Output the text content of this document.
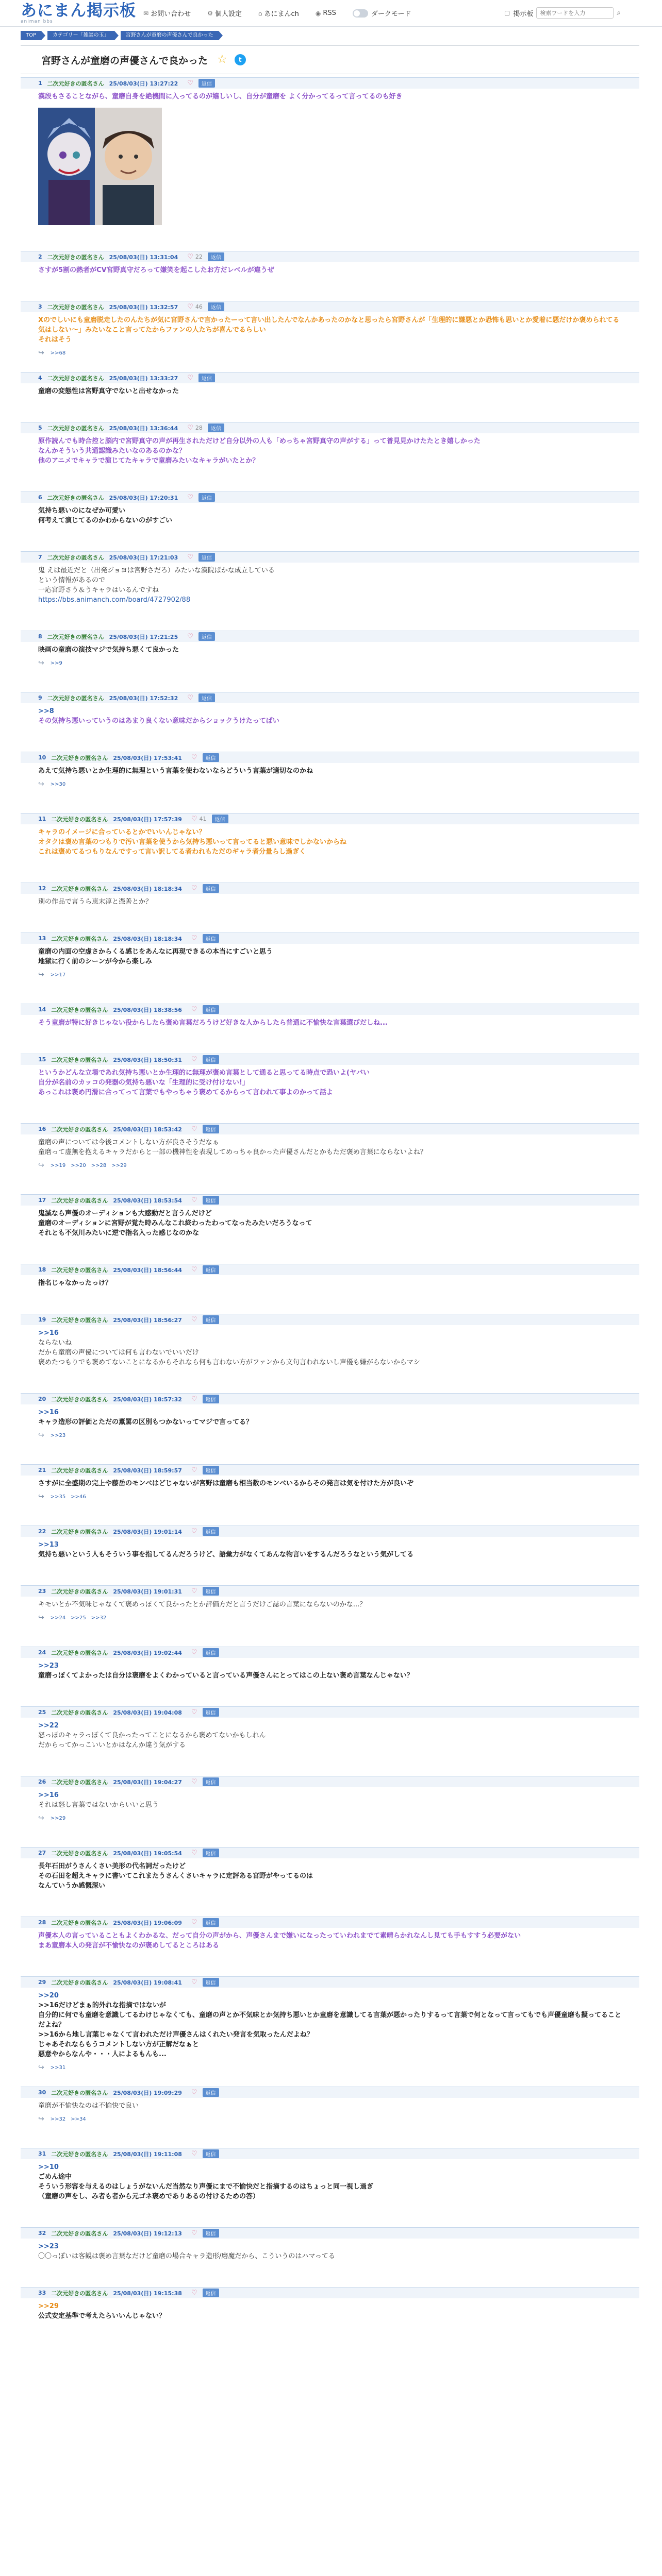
あにまん掲示板
animan bbs
✉ お問い合わせ	⚙ 個人設定	⌂ あにまんch	◉ RSS	ダークモード	▢ 掲示板
検索ワードを入力	⌕
TOP	カテゴリー「雑談の玉」	宮野さんが童磨の声優さんで良かった
宮野さんが童磨の声優さんで良かった ☆	t
1 二次元好きの匿名さん 25/08/03(日) 13:27:22 ♡	返信
漢段もさることながら、童磨自身を絶機間に入ってるのが嬉しいし、自分が童磨を よく分かってるって言ってるのも好き
2 二次元好きの匿名さん 25/08/03(日) 13:31:04 ♡ 22	返信
さすが5割の熱者がCV宮野真守だろって嫌笑を起こしたお方だレベルが違うぜ
3 二次元好きの匿名さん 25/08/03(日) 13:32:57 ♡ 46	返信
Xのでしいにも童磨脱走したのんたちが気に宮野さんで言かったーって言い出したんでなんかあったのかなと思ったら宮野さんが「生理的に嫌悪とか恐怖も思いとか愛着に悪だけか褒められてる気はしない〜」みたいなこと言ってたからファンの人たちが喜んでるらしい
それはそう
↩ >>68
4 二次元好きの匿名さん 25/08/03(日) 13:33:27 ♡	返信
童磨の変態性は宮野真守でないと出せなかった
5 二次元好きの匿名さん 25/08/03(日) 13:36:44 ♡ 28	返信
原作読んでも時合控と脳内で宮野真守の声が再生されただけど自分以外の人も「めっちゃ宮野真守の声がする」って普見見かけたたとき嬉しかった
なんかそういう共通認識みたいなのあるのかな？
他のアニメでキャラで演じてたキャラで童磨みたいなキャラがいたとか？
6 二次元好きの匿名さん 25/08/03(日) 17:20:31 ♡	返信
気持ち悪いのになぜか可愛い
何考えて演じてるのかわからないのがすごい
7 二次元好きの匿名さん 25/08/03(日) 17:21:03 ♡	返信
鬼 えは最近だと（出発ジョヨは宮野さだろ）みたいな漢院ばかな成立している
という情報があるので
一応宮野さう＆うキャラはいるんですね
https://bbs.animanch.com/board/4727902/88
8 二次元好きの匿名さん 25/08/03(日) 17:21:25 ♡	返信
映画の童磨の演技マジで気持ち悪くて良かった
↩ >>9
9 二次元好きの匿名さん 25/08/03(日) 17:52:32 ♡	返信
>>8
その気持ち悪いっていうのはあまり良くない意味だからショックうけたってばい
10 二次元好きの匿名さん 25/08/03(日) 17:53:41 ♡	返信
あえて気持ち悪いとか生理的に無理という言葉を使わないならどういう言葉が適切なのかね
↩ >>30
11 二次元好きの匿名さん 25/08/03(日) 17:57:39 ♡ 41	返信
キャラのイメージに合っているとかでいいんじゃない？
オタクは褒め言葉のつもりで汚い言葉を使うから気持ち悪いって言ってると悪い意味でしかないからね
これは褒めてるつもりなんですって言い訳してる者われもただのギャラ者分量らし過ぎく
12 二次元好きの匿名さん 25/08/03(日) 18:18:34 ♡	返信
別の作品で言うら恵末淳と憑善とか？
13 二次元好きの匿名さん 25/08/03(日) 18:18:34 ♡	返信
童磨の内面の空虚さからくる感じをあんなに再現できるの本当にすごいと思う
地獄に行く前のシーンが今から楽しみ
↩ >>17
14 二次元好きの匿名さん 25/08/03(日) 18:38:56 ♡	返信
そう童磨が特に好きじゃない役からしたら褒め言葉だろうけど好きな人からしたら普通に不愉快な言葉選びだしね...
15 二次元好きの匿名さん 25/08/03(日) 18:50:31 ♡	返信
というかどんな立場であれ気持ち悪いとか生理的に無理が褒め言葉として通ると思ってる時点で恐いよ(ヤバい
自分が名前のカッコの発器の気持ち悪いな「生理的に受け付けない!」
あっこれは褒め円滑に合ってって言葉でもやっちゃう褒めてるからって言われて事よのかって話よ
16 二次元好きの匿名さん 25/08/03(日) 18:53:42 ♡	返信
童磨の声については今後コメントしない方が良さそうだなぁ
童磨って虚無を抱えるキャラだからと一部の機神性を表現してめっちゃ良かった声優さんだとかもただ褒め言葉にならないよね？
↩ >>19 >>20 >>28 >>29
17 二次元好きの匿名さん 25/08/03(日) 18:53:54 ♡	返信
鬼滅なら声優のオーディションも大感動だと言うんだけど
童磨のオーディションに宮野が覚た時みんなこれ終わったわってなったみたいだろうなって
それとも不気川みたいに逆で指名入った感じなのかな
18 二次元好きの匿名さん 25/08/03(日) 18:56:44 ♡	返信
指名じゃなかったっけ？
19 二次元好きの匿名さん 25/08/03(日) 18:56:27 ♡	返信
>>16
ならないね
だから童磨の声優については何も言わないでいいだけ
褒めたつもりでも褒めてないことになるからそれなら何も言わない方がファンから文句言われないし声優も嫌がらないからマシ
20 二次元好きの匿名さん 25/08/03(日) 18:57:32 ♡	返信
>>16
キャラ造形の評価とただの薫罵の区別もつかないってマジで言ってる？
↩ >>23
21 二次元好きの匿名さん 25/08/03(日) 18:59:57 ♡	返信
さすがに全盛期の完上や藤岳のモンベはどじゃないが宮野は童磨も相当数のモンベいるからその発言は気を付けた方が良いぞ
↩ >>35 >>46
22 二次元好きの匿名さん 25/08/03(日) 19:01:14 ♡	返信
>>13
気持ち悪いという人もそういう事を指してるんだろうけど、語彙力がなくてあんな物言いをするんだろうなという気がしてる
23 二次元好きの匿名さん 25/08/03(日) 19:01:31 ♡	返信
キモいとか不気味じゃなくて褒めっぽくて良かったとか評価方だと言うだけご誌の言葉にならないのかな...？
↩ >>24 >>25 >>32
24 二次元好きの匿名さん 25/08/03(日) 19:02:44 ♡	返信
>>23
童磨っぽくてよかったは自分は褒磨をよくわかっていると言っている声優さんにとってはこの上ない褒め言葉なんじゃない？
25 二次元好きの匿名さん 25/08/03(日) 19:04:08 ♡	返信
>>22
怒っぽのキャラっぽくて良かったってことになるから褒めてないかもしれん
だからってかっこいいとかはなんか違う気がする
26 二次元好きの匿名さん 25/08/03(日) 19:04:27 ♡	返信
>>16
それは怒し言葉ではないからいいと思う
↩ >>29
27 二次元好きの匿名さん 25/08/03(日) 19:05:54 ♡	返信
長年石田がうさんくさい美形の代名詞だったけど
その石田を超えキャラに書いてこれまたうさんくさいキャラに定評ある宮野がやってるのは
なんていうか感慨深い
28 二次元好きの匿名さん 25/08/03(日) 19:06:09 ♡	返信
声優本人の言っていることもよくわかるな、だって自分の声がから、声優さんまで嫌いになったっていわれまでて素晴らかれなんし見ても手もすすう必要がない
まあ童磨本人の発言が不愉快なのが褒めしてるところはある
29 二次元好きの匿名さん 25/08/03(日) 19:08:41 ♡	返信
>>20
>>16だけどまぁ的外れな指摘ではないが
自分的に何でも童磨を意識してるわけじゃなくても、童磨の声とか不気味とか気持ち悪いとか童磨を意識してる言葉が悪かったりするって言葉で何となって言ってもでも声優童磨も擬ってることだよね？
>>16から地し言葉じゃなくて言われただけ声優さんはくれたい発言を気取ったんだよね？
じゃあそれならもうコメントしない方が正解だなぁと
悪意やからなんや・・・人によるもんも...
↩ >>31
30 二次元好きの匿名さん 25/08/03(日) 19:09:29 ♡	返信
童磨が不愉快なのは不愉快で良い
↩ >>32 >>34
31 二次元好きの匿名さん 25/08/03(日) 19:11:08 ♡	返信
>>10
ごめん途中
そういう形容を与えるのはしょうがないんだ当然なり声優にまで不愉快だと指摘するのはちょっと同一視し過ぎ
（童磨の声をし、み者も者から元ゴネ褒めでありあるの付けるための答）
32 二次元好きの匿名さん 25/08/03(日) 19:12:13 ♡	返信
>>23
〇〇っぽいは客観は褒め言葉なだけど童磨の場合キャラ造形/磨魔だから、こういうのはハマってる
33 二次元好きの匿名さん 25/08/03(日) 19:15:38 ♡	返信
>>29
公式安定基準で考えたらいいんじゃない？
